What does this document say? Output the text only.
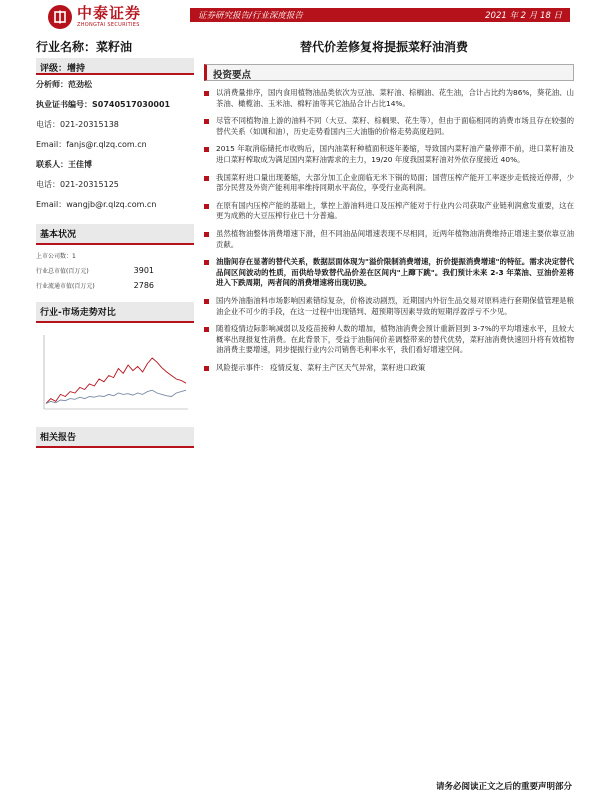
中泰证券
ZHONGTAI SECURITIES
证券研究报告/行业深度报告	2021 年 2 月 18 日
行业名称：菜籽油	替代价差修复将提振菜籽油消费
评级：增持
分析师：范劲松
执业证书编号：S0740517030001
电话：021-20315138
Email：fanjs@r.qlzq.com.cn
联系人：王佳博
电话：021-20315125
Email：wangjb@r.qlzq.com.cn
基本状况
上市公司数：1
行业总市值(百万元)	3901
行业流通市值(百万元)	2786
行业-市场走势对比
相关报告
投资要点
以消费量排序，国内食用植物油品类依次为豆油、菜籽油、棕榈油、花生油，合计占比约为86%，葵花油、山茶油、橄榄油、玉米油、棉籽油等其它油品合计占比14%。
尽管不同植物油上游的油料不同（大豆、菜籽、棕榈果、花生等），但由于面临相同的消费市场且存在较强的替代关系（如调和油），历史走势看国内三大油脂的价格走势高度趋同。
2015 年取消临储托市收购后，国内油菜籽种植面积逐年萎缩，导致国内菜籽油产量停滞不前，进口菜籽油及进口菜籽榨取成为满足国内菜籽油需求的主力，19/20 年度我国菜籽油对外依存度接近 40%。
我国菜籽进口量出现萎缩，大部分加工企业面临无米下锅的局面；国营压榨产能开工率逐步走低接近停滞，少部分民营及外资产能利用率维持同期水平高位，享受行业高利润。
在原有国内压榨产能的基础上，掌控上游油料进口及压榨产能对于行业内公司获取产业链利润愈发重要，这在更为成熟的大豆压榨行业已十分普遍。
虽然植物油整体消费增速下滑，但不同油品间增速表现不尽相同，近两年植物油消费维持正增速主要依靠豆油贡献。
油脂间存在显著的替代关系，数据层面体现为"溢价限制消费增速，折价提振消费增速"的特征。需求决定替代品间区间波动的性质，而供给导致替代品价差在区间内"上蹿下跳"。我们预计未来 2-3 年菜油、豆油价差将进入下跌周期，两者间的消费增速将出现切换。
国内外油脂油料市场影响因素错综复杂，价格波动剧烈，近期国内外衍生品交易对原料进行套期保值管理是粮油企业不可少的手段，在这一过程中出现错判、超预期等因素导致的短期浮盈浮亏不少见。
随着疫情边际影响减弱以及疫苗接种人数的增加，植物油消费会预计重新回到 3-7%的平均增速水平，且较大概率出现报复性消费。在此背景下，受益于油脂间价差调整带来的替代优势，菜籽油消费快速回升将有效植物油消费主要增速，同步提振行业内公司销售毛利率水平，我们看好增速空间。
风险提示事件： 疫情反复、菜籽主产区天气异常，菜籽进口政策
请务必阅读正文之后的重要声明部分
